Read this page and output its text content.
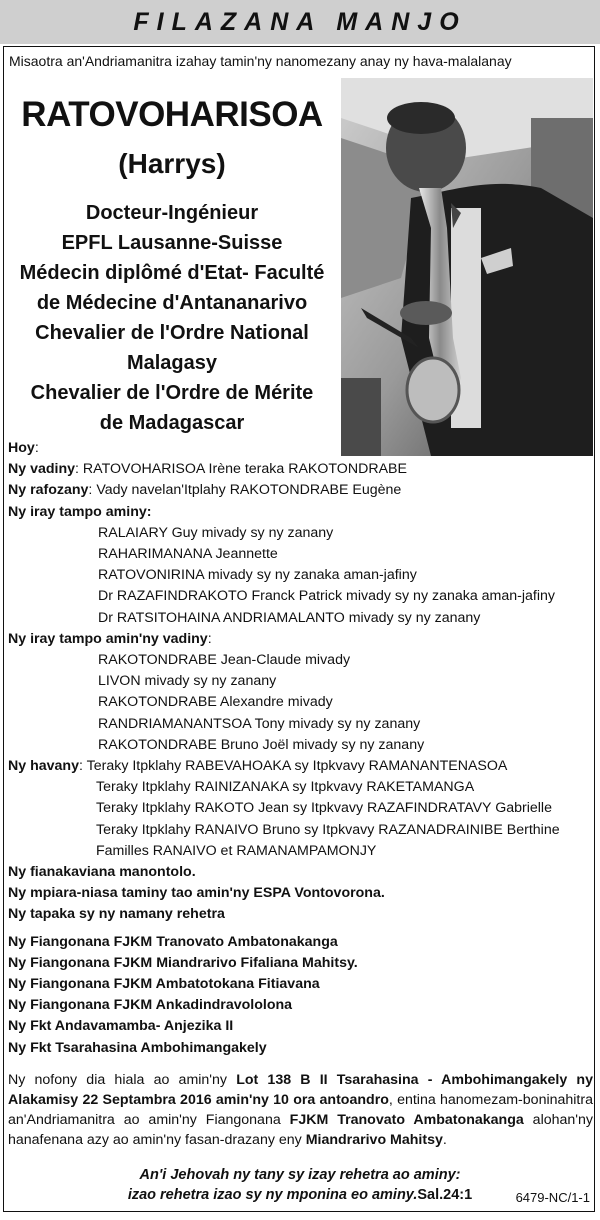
FILAZANA MANJO
Misaotra an'Andriamanitra izahay tamin'ny nanomezany anay ny hava-malalanay
RATOVOHARISOA
(Harrys)
Docteur-Ingénieur
EPFL Lausanne-Suisse
Médecin diplômé d'Etat- Faculté
de Médecine d'Antananarivo
Chevalier de l'Ordre National
Malagasy
Chevalier de l'Ordre de Mérite
de Madagascar
Hoy:
Ny vadiny: RATOVOHARISOA Irène teraka RAKOTONDRABE
Ny rafozany: Vady navelan'Itplahy RAKOTONDRABE Eugène
Ny iray tampo aminy:
RALAIARY Guy mivady sy ny zanany
RAHARIMANANA Jeannette
RATOVONIRINA mivady sy ny zanaka aman-jafiny
Dr RAZAFINDRAKOTO Franck Patrick mivady sy ny zanaka aman-jafiny
Dr RATSITOHAINA ANDRIAMALANTO mivady sy ny zanany
Ny iray tampo amin'ny vadiny:
RAKOTONDRABE Jean-Claude mivady
LIVON mivady sy ny zanany
RAKOTONDRABE Alexandre mivady
RANDRIAMANANTSOA Tony mivady sy ny zanany
RAKOTONDRABE Bruno Joël mivady sy ny zanany
Ny havany: Teraky Itpklahy RABEVAHOAKA sy Itpkvavy RAMANANTENASOA
Teraky Itpklahy RAINIZANAKA sy Itpkvavy RAKETAMANGA
Teraky Itpklahy RAKOTO Jean sy Itpkvavy RAZAFINDRATAVY Gabrielle
Teraky Itpklahy RANAIVO Bruno sy Itpkvavy RAZANADRAINIBE Berthine
Familles RANAIVO et RAMANAMPAMONJY
Ny fianakaviana manontolo.
Ny mpiara-niasa taminy tao amin'ny ESPA Vontovorona.
Ny tapaka sy ny namany rehetra
Ny Fiangonana FJKM Tranovato Ambatonakanga
Ny Fiangonana FJKM Miandrarivo Fifaliana Mahitsy.
Ny Fiangonana FJKM Ambatotokana Fitiavana
Ny Fiangonana FJKM Ankadindravololona
Ny Fkt Andavamamba- Anjezika II
Ny Fkt Tsarahasina Ambohimangakely
Ny nofony dia hiala ao amin'ny Lot 138 B II Tsarahasina - Ambohimangakely ny Alakamisy 22 Septambra 2016 amin'ny 10 ora antoandro, entina hanomezam-boninahitra an'Andriamanitra ao amin'ny Fiangonana FJKM Tranovato Ambatonakanga alohan'ny hanafenana azy ao amin'ny fasan-drazany eny Miandrarivo Mahitsy.
An'i Jehovah ny tany sy izay rehetra ao aminy:
izao rehetra izao sy ny mponina eo aminy.Sal.24:1	6479-NC/1-1
